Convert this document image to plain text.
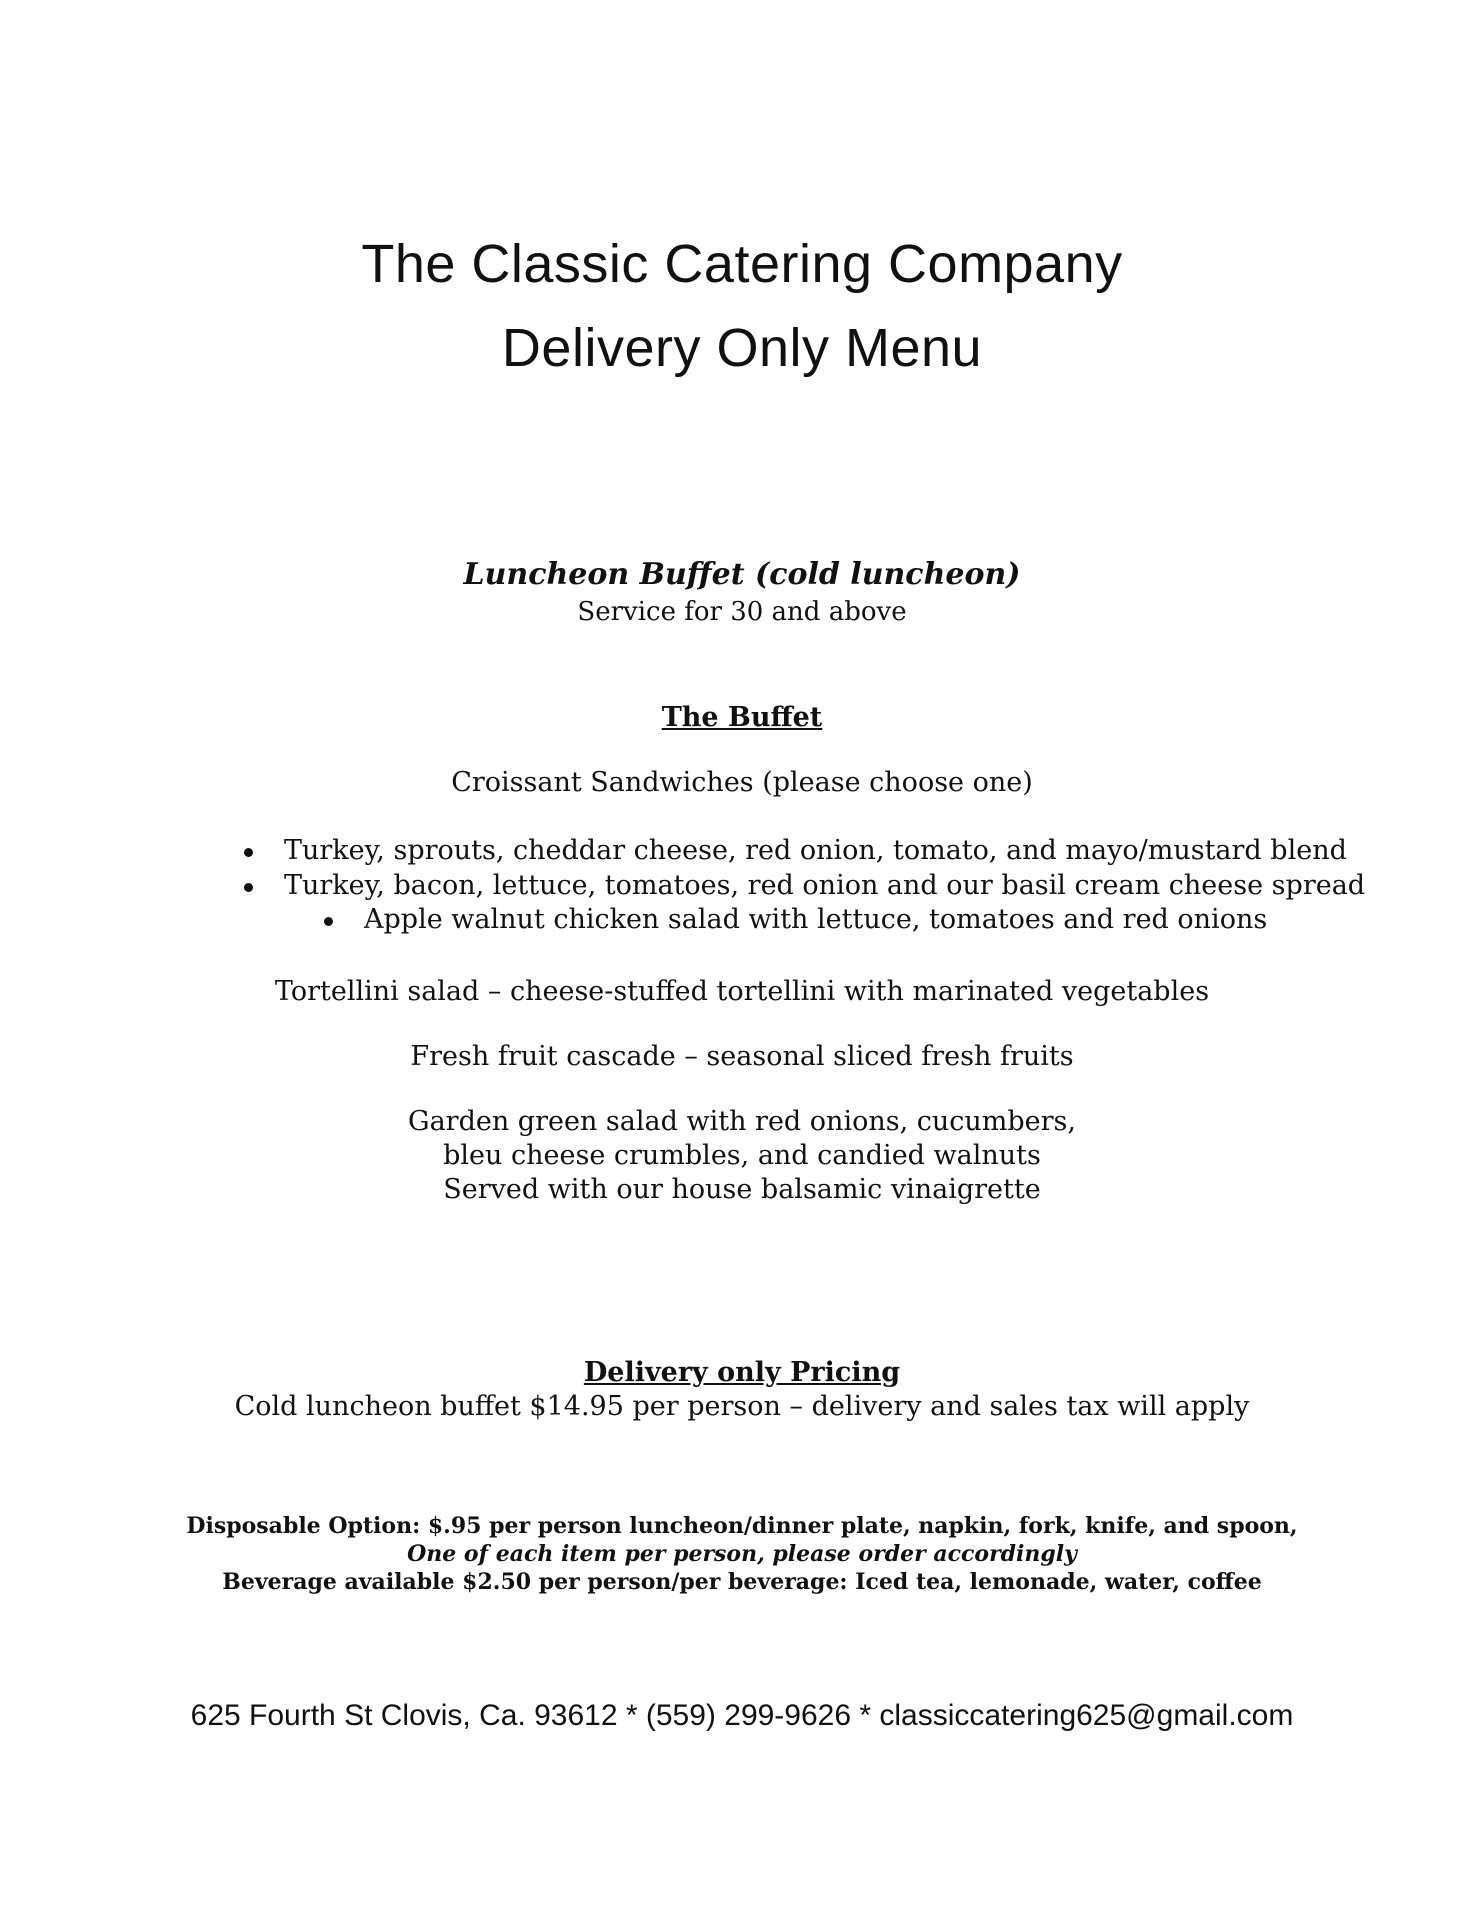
The Classic Catering Company
Delivery Only Menu

Luncheon Buffet (cold luncheon)

Service for 30 and above

The Buffet

Croissant Sandwiches (please choose one)

Turkey, sprouts, cheddar cheese, red onion, tomato, and mayo/mustard blend
Turkey, bacon, lettuce, tomatoes, red onion and our basil cream cheese spread
Apple walnut chicken salad with lettuce, tomatoes and red onions

Tortellini salad – cheese-stuffed tortellini with marinated vegetables

Fresh fruit cascade – seasonal sliced fresh fruits

Garden green salad with red onions, cucumbers,

bleu cheese crumbles, and candied walnuts

Served with our house balsamic vinaigrette

Delivery only Pricing

Cold luncheon buffet $14.95 per person – delivery and sales tax will apply

Disposable Option: $.95 per person luncheon/dinner plate, napkin, fork, knife, and spoon,

One of each item per person, please order accordingly

Beverage available $2.50 per person/per beverage: Iced tea, lemonade, water, coffee

625 Fourth St Clovis, Ca. 93612 * (559) 299-9626 * classiccatering625@gmail.com
